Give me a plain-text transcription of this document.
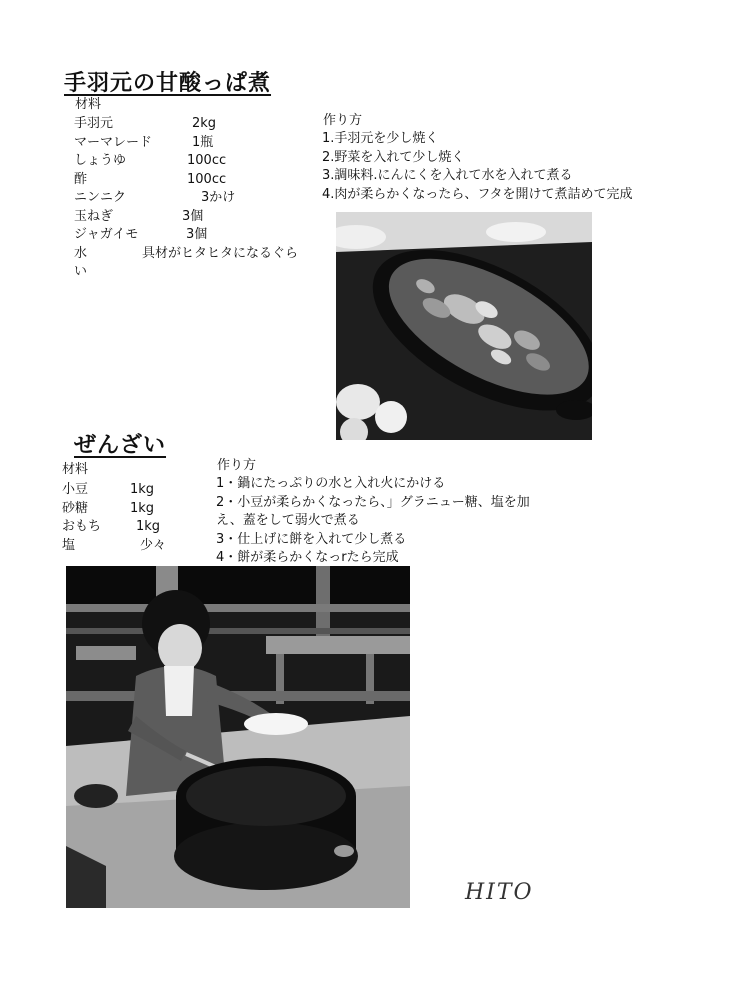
手羽元の甘酸っぱ煮
材料
手羽元	2kg
マーマレード	1瓶
しょうゆ	100cc
酢	100cc
ニンニク	3かけ
玉ねぎ	3個
ジャガイモ	3個
水	具材がヒタヒタになるぐら
い
作り方
1.手羽元を少し焼く
2.野菜を入れて少し焼く
3.調味料.にんにくを入れて水を入れて煮る
4.肉が柔らかくなったら、フタを開けて煮詰めて完成
ぜんざい
材料
小豆	1kg
砂糖	1kg
おもち	1kg
塩	少々
作り方
1・鍋にたっぷりの水と入れ火にかける
2・小豆が柔らかくなったら、」グラニュー糖、塩を加
え、蓋をして弱火で煮る
3・仕上げに餅を入れて少し煮る
4・餅が柔らかくなっrたら完成
HITO
